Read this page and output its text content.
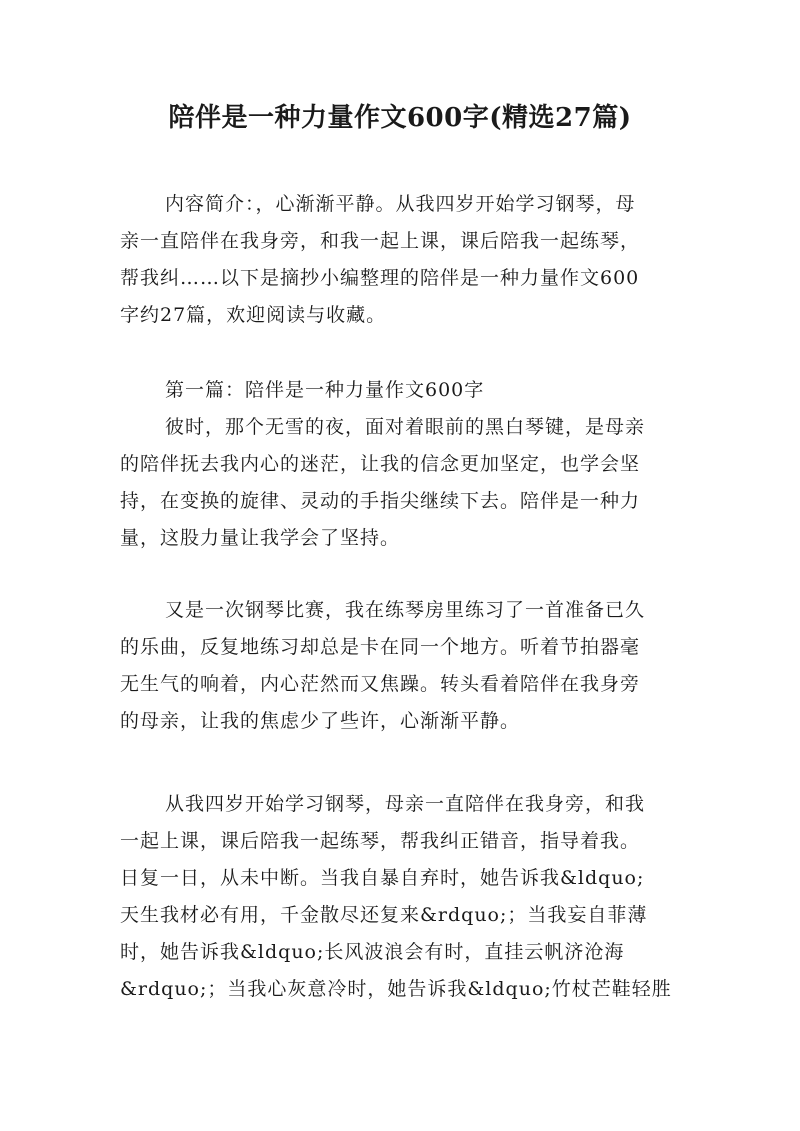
陪伴是一种力量作文600字(精选27篇)
内容简介：，心渐渐平静。从我四岁开始学习钢琴，母
亲一直陪伴在我身旁，和我一起上课，课后陪我一起练琴，
帮我纠……以下是摘抄小编整理的陪伴是一种力量作文600
字约27篇，欢迎阅读与收藏。
第一篇：陪伴是一种力量作文600字
彼时，那个无雪的夜，面对着眼前的黑白琴键，是母亲
的陪伴抚去我内心的迷茫，让我的信念更加坚定，也学会坚
持，在变换的旋律、灵动的手指尖继续下去。陪伴是一种力
量，这股力量让我学会了坚持。
又是一次钢琴比赛，我在练琴房里练习了一首准备已久
的乐曲，反复地练习却总是卡在同一个地方。听着节拍器毫
无生气的响着，内心茫然而又焦躁。转头看着陪伴在我身旁
的母亲，让我的焦虑少了些许，心渐渐平静。
从我四岁开始学习钢琴，母亲一直陪伴在我身旁，和我
一起上课，课后陪我一起练琴，帮我纠正错音，指导着我。
日复一日，从未中断。当我自暴自弃时，她告诉我&ldquo;
天生我材必有用，千金散尽还复来&rdquo;；当我妄自菲薄
时，她告诉我&ldquo;长风波浪会有时，直挂云帆济沧海
&rdquo;；当我心灰意冷时，她告诉我&ldquo;竹杖芒鞋轻胜
